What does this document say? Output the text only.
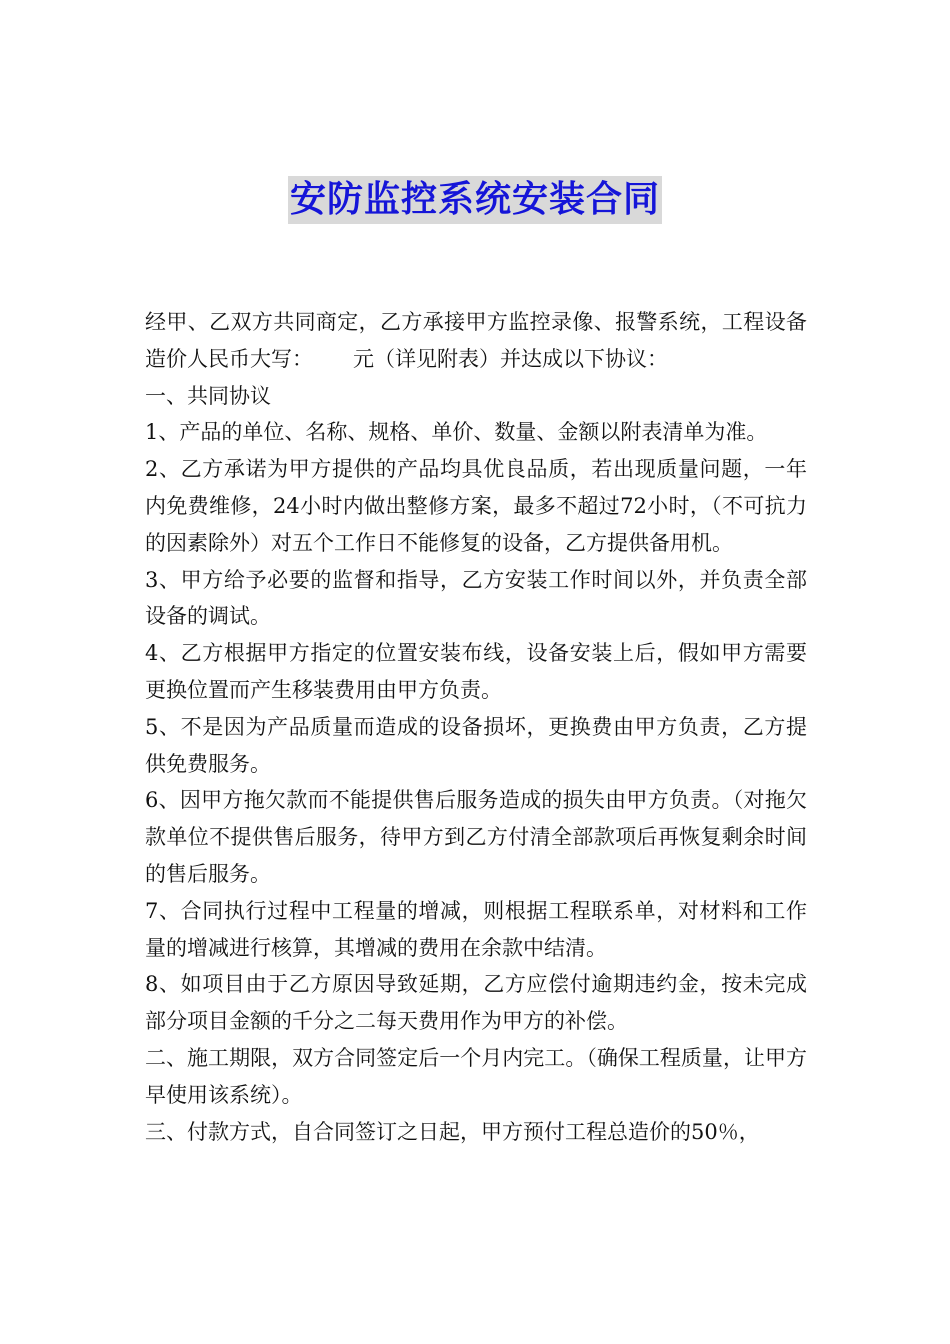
安防监控系统安装合同

经甲、乙双方共同商定，乙方承接甲方监控录像、报警系统，工程设备造价人民币大写：      元（详见附表）并达成以下协议：

一、共同协议

1、产品的单位、名称、规格、单价、数量、金额以附表清单为准。

2、乙方承诺为甲方提供的产品均具优良品质，若出现质量问题，一年内免费维修，24小时内做出整修方案，最多不超过72小时，（不可抗力的因素除外）对五个工作日不能修复的设备，乙方提供备用机。

3、甲方给予必要的监督和指导，乙方安装工作时间以外，并负责全部设备的调试。

4、乙方根据甲方指定的位置安装布线，设备安装上后，假如甲方需要更换位置而产生移装费用由甲方负责。

5、不是因为产品质量而造成的设备损坏，更换费由甲方负责，乙方提供免费服务。

6、因甲方拖欠款而不能提供售后服务造成的损失由甲方负责。（对拖欠款单位不提供售后服务，待甲方到乙方付清全部款项后再恢复剩余时间的售后服务。

7、合同执行过程中工程量的增减，则根据工程联系单，对材料和工作量的增减进行核算，其增减的费用在余款中结清。

8、如项目由于乙方原因导致延期，乙方应偿付逾期违约金，按未完成部分项目金额的千分之二每天费用作为甲方的补偿。

二、施工期限，双方合同签定后一个月内完工。（确保工程质量，让甲方早使用该系统）。

三、付款方式，自合同签订之日起，甲方预付工程总造价的50％，
